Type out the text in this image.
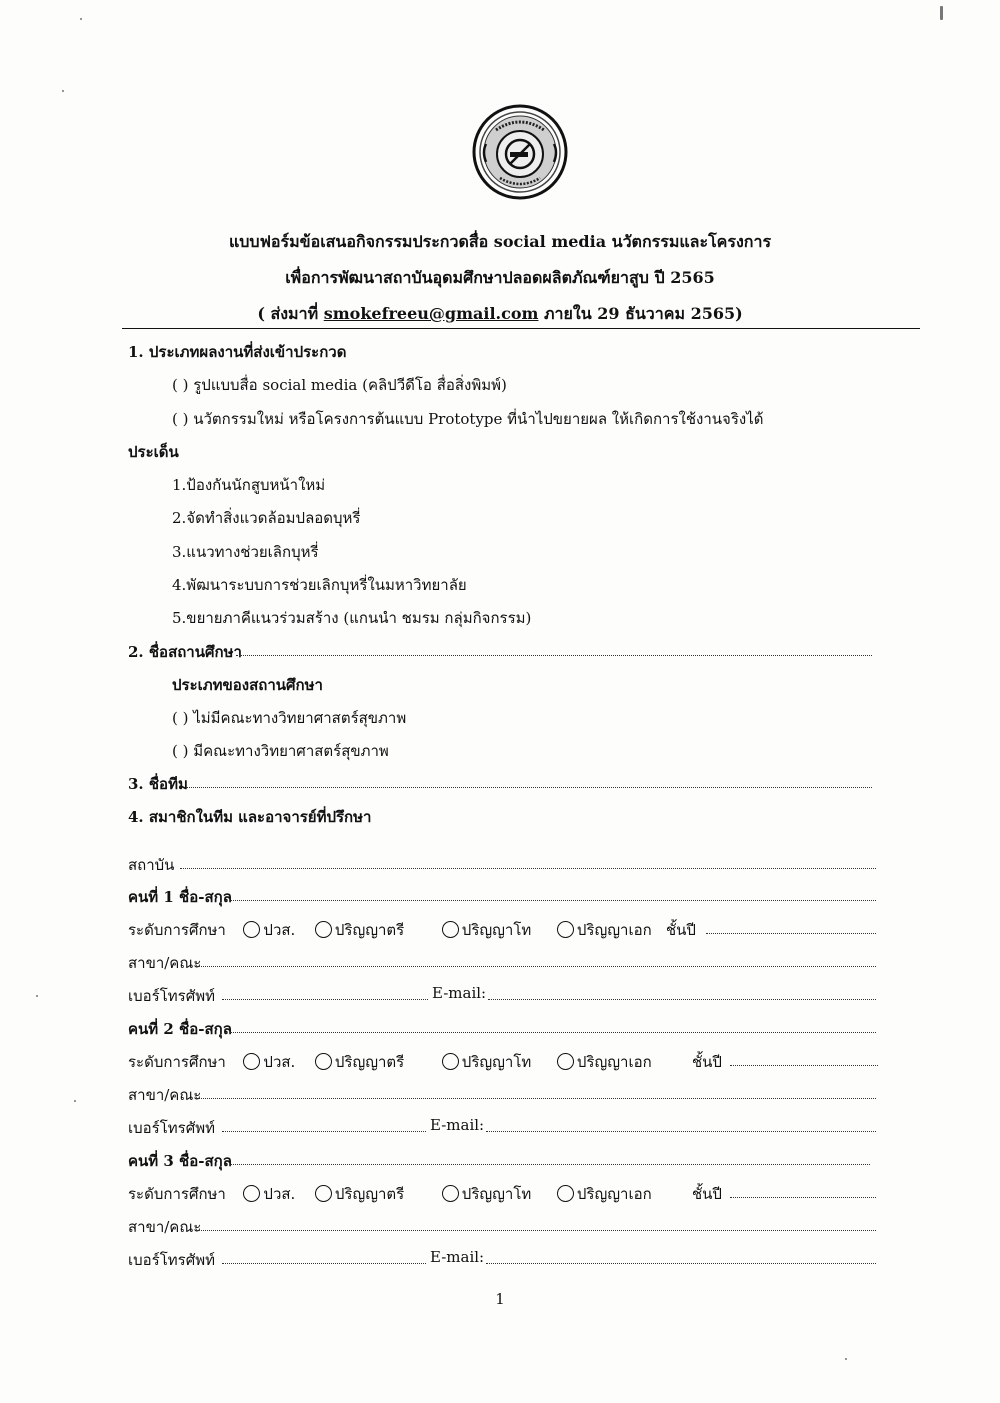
แบบฟอร์มข้อเสนอกิจกรรมประกวดสื่อ social media นวัตกรรมและโครงการ
เพื่อการพัฒนาสถาบันอุดมศึกษาปลอดผลิตภัณฑ์ยาสูบ ปี 2565
( ส่งมาที่ smokefreeu@gmail.com ภายใน 29 ธันวาคม 2565)
1. ประเภทผลงานที่ส่งเข้าประกวด
( ) รูปแบบสื่อ social media (คลิปวีดีโอ สื่อสิ่งพิมพ์)
( ) นวัตกรรมใหม่ หรือโครงการต้นแบบ Prototype ที่นำไปขยายผล ให้เกิดการใช้งานจริงได้
ประเด็น
1.ป้องกันนักสูบหน้าใหม่
2.จัดทำสิ่งแวดล้อมปลอดบุหรี่
3.แนวทางช่วยเลิกบุหรี่
4.พัฒนาระบบการช่วยเลิกบุหรี่ในมหาวิทยาลัย
5.ขยายภาคีแนวร่วมสร้าง (แกนนำ ชมรม กลุ่มกิจกรรม)
2. ชื่อสถานศึกษา
ประเภทของสถานศึกษา
( ) ไม่มีคณะทางวิทยาศาสตร์สุขภาพ
( ) มีคณะทางวิทยาศาสตร์สุขภาพ
3. ชื่อทีม
4. สมาชิกในทีม และอาจารย์ที่ปรึกษา
สถาบัน
คนที่ 1 ชื่อ-สกุล
ระดับการศึกษา	ปวส.	ปริญญาตรี	ปริญญาโท	ปริญญาเอก ชั้นปี
สาขา/คณะ
เบอร์โทรศัพท์	E-mail:
คนที่ 2 ชื่อ-สกุล
ระดับการศึกษา	ปวส.	ปริญญาตรี	ปริญญาโท	ปริญญาเอก	ชั้นปี
สาขา/คณะ
เบอร์โทรศัพท์	E-mail:
คนที่ 3 ชื่อ-สกุล
ระดับการศึกษา	ปวส.	ปริญญาตรี	ปริญญาโท	ปริญญาเอก	ชั้นปี
สาขา/คณะ
เบอร์โทรศัพท์	E-mail:
1
